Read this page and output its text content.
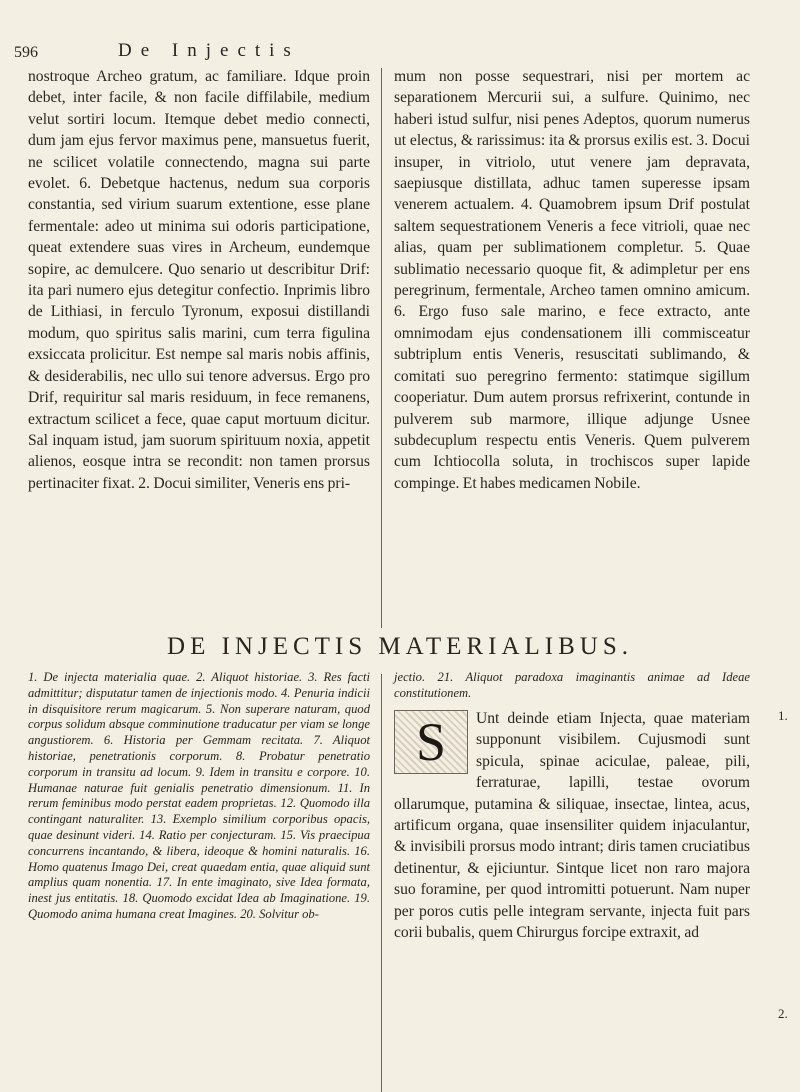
596	De Injectis
nostroque Archeo gratum, ac familiare. Idque proin debet, inter facile, & non facile diffilabile, medium velut sortiri locum. Itemque debet medio connecti, dum jam ejus fervor maximus pene, mansuetus fuerit, ne scilicet volatile connectendo, magna sui parte evolet. 6. Debetque hactenus, nedum sua corporis constantia, sed virium suarum extentione, esse plane fermentale: adeo ut minima sui odoris participatione, queat extendere suas vires in Archeum, eundemque sopire, ac demulcere. Quo senario ut describitur Drif: ita pari numero ejus detegitur confectio. Inprimis libro de Lithiasi, in ferculo Tyronum, exposui distillandi modum, quo spiritus salis marini, cum terra figulina exsiccata prolicitur. Est nempe sal maris nobis affinis, & desiderabilis, nec ullo sui tenore adversus. Ergo pro Drif, requiritur sal maris residuum, in fece remanens, extractum scilicet a fece, quae caput mortuum dicitur. Sal inquam istud, jam suorum spirituum noxia, appetit alienos, eosque intra se recondit: non tamen prorsus pertinaciter fixat. 2. Docui similiter, Veneris ens pri-
mum non posse sequestrari, nisi per mortem ac separationem Mercurii sui, a sulfure. Quinimo, nec haberi istud sulfur, nisi penes Adeptos, quorum numerus ut electus, & rarissimus: ita & prorsus exilis est. 3. Docui insuper, in vitriolo, utut venere jam depravata, saepiusque distillata, adhuc tamen superesse ipsam venerem actualem. 4. Quamobrem ipsum Drif postulat saltem sequestrationem Veneris a fece vitrioli, quae nec alias, quam per sublimationem completur. 5. Quae sublimatio necessario quoque fit, & adimpletur per ens peregrinum, fermentale, Archeo tamen omnino amicum. 6. Ergo fuso sale marino, e fece extracto, ante omnimodam ejus condensationem illi commisceatur subtriplum entis Veneris, resuscitati sublimando, & comitati suo peregrino fermento: statimque sigillum cooperiatur. Dum autem prorsus refrixerint, contunde in pulverem sub marmore, illique adjunge Usnee subdecuplum respectu entis Veneris. Quem pulverem cum Ichtiocolla soluta, in trochiscos super lapide compinge. Et habes medicamen Nobile.
DE INJECTIS MATERIALIBUS.
1. De injecta materialia quae. 2. Aliquot historiae. 3. Res facti admittitur; disputatur tamen de injectionis modo. 4. Penuria indicii in disquisitore rerum magicarum. 5. Non superare naturam, quod corpus solidum absque comminutione traducatur per viam se longe angustiorem. 6. Historia per Gemmam recitata. 7. Aliquot historiae, penetrationis corporum. 8. Probatur penetratio corporum in transitu ad locum. 9. Idem in transitu e corpore. 10. Humanae naturae fuit genialis penetratio dimensionum. 11. In rerum feminibus modo perstat eadem proprietas. 12. Quomodo illa contingant naturaliter. 13. Exemplo similium corporibus opacis, quae desinunt videri. 14. Ratio per conjecturam. 15. Vis praecipua concurrens incantando, & libera, ideoque & homini naturalis. 16. Homo quatenus Imago Dei, creat quaedam entia, quae aliquid sunt amplius quam nonentia. 17. In ente imaginato, sive Idea formata, inest jus entitatis. 18. Quomodo excidat Idea ab Imaginatione. 19. Quomodo anima humana creat Imagines. 20. Solvitur ob-
jectio. 21. Aliquot paradoxa imaginantis animae ad Ideae constitutionem.
S	Unt deinde etiam Injecta, quae materiam supponunt visibilem. Cujusmodi sunt spicula, spinae aciculae, paleae, pili, ferraturae, lapilli, testae ovorum ollarumque, putamina & siliquae, insectae, lintea, acus, artificum organa, quae insensiliter quidem injaculantur, & invisibili prorsus modo intrant; diris tamen cruciatibus detinentur, & ejiciuntur. Sintque licet non raro majora suo foramine, per quod intromitti potuerunt. Nam nuper per poros cutis pelle integram servante, injecta fuit pars corii bubalis, quem Chirurgus forcipe extraxit, ad
1.
2.
